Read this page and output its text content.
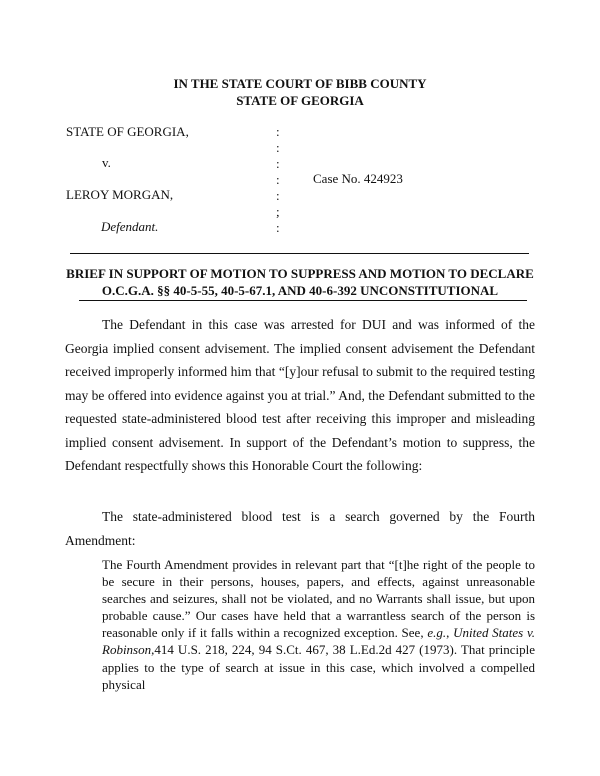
IN THE STATE COURT OF BIBB COUNTY
STATE OF GEORGIA
STATE OF GEORGIA,
v.
LEROY MORGAN,
Defendant.
Case No. 424923
:
:
:
:
:
;
:
BRIEF IN SUPPORT OF MOTION TO SUPPRESS AND MOTION TO DECLARE
O.C.G.A. §§ 40-5-55, 40-5-67.1, AND 40-6-392 UNCONSTITUTIONAL

The Defendant in this case was arrested for DUI and was informed of the Georgia implied consent advisement. The implied consent advisement the Defendant received improperly informed him that “[y]our refusal to submit to the required testing may be offered into evidence against you at trial.” And, the Defendant submitted to the requested state-administered blood test after receiving this improper and misleading implied consent advisement. In support of the Defendant’s motion to suppress, the Defendant respectfully shows this Honorable Court the following:

The state-administered blood test is a search governed by the Fourth Amendment:

The Fourth Amendment provides in relevant part that “[t]he right of the people to be secure in their persons, houses, papers, and effects, against unreasonable searches and seizures, shall not be violated, and no Warrants shall issue, but upon probable cause.” Our cases have held that a warrantless search of the person is reasonable only if it falls within a recognized exception. See, e.g., United States v. Robinson,414 U.S. 218, 224, 94 S.Ct. 467, 38 L.Ed.2d 427 (1973). That principle applies to the type of search at issue in this case, which involved a compelled physical
